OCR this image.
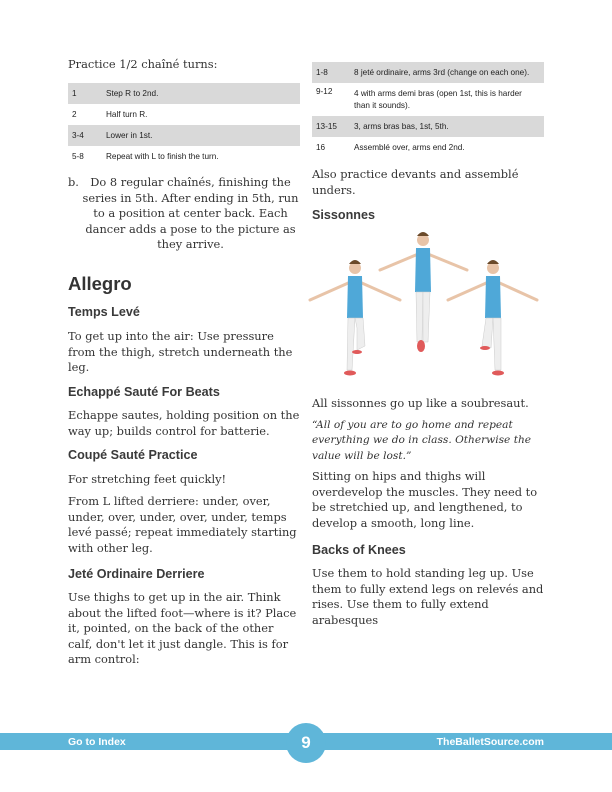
Practice 1/2 chaîné turns:

1	Step R to 2nd.
2	Half turn R.
3-4	Lower in 1st.
5-8	Repeat with L to finish the turn.
b. Do 8 regular chaînés, finishing the series in 5th. After ending in 5th, run to a position at center back. Each dancer adds a pose to the picture as they arrive.

Allegro

Temps Levé

To get up into the air: Use pressure from the thigh, stretch underneath the leg.

Echappé Sauté For Beats

Echappe sautes, holding position on the way up; builds control for batterie.

Coupé Sauté Practice

For stretching feet quickly!

From L lifted derriere: under, over, under, over, under, over, under, temps levé passé; repeat immediately starting with other leg.

Jeté Ordinaire Derriere

Use thighs to get up in the air. Think about the lifted foot—where is it? Place it, pointed, on the back of the other calf, don't let it just dangle. This is for arm control:

1-8	8 jeté ordinaire, arms 3rd (change on each one).
9-12	4 with arms demi bras (open 1st, this is harder than it sounds).
13-15	3, arms bras bas, 1st, 5th.
16	Assemblé over, arms end 2nd.

Also practice devants and assemblé unders.

Sissonnes

All sissonnes go up like a soubresaut.

“All of you are to go home and repeat everything we do in class. Otherwise the value will be lost.”

Sitting on hips and thighs will overdevelop the muscles. They need to be stretchied up, and lengthened, to develop a smooth, long line.

Backs of Knees

Use them to hold standing leg up. Use them to fully extend legs on relevés and rises. Use them to fully extend arabesques

Go to Index	TheBalletSource.com
9
